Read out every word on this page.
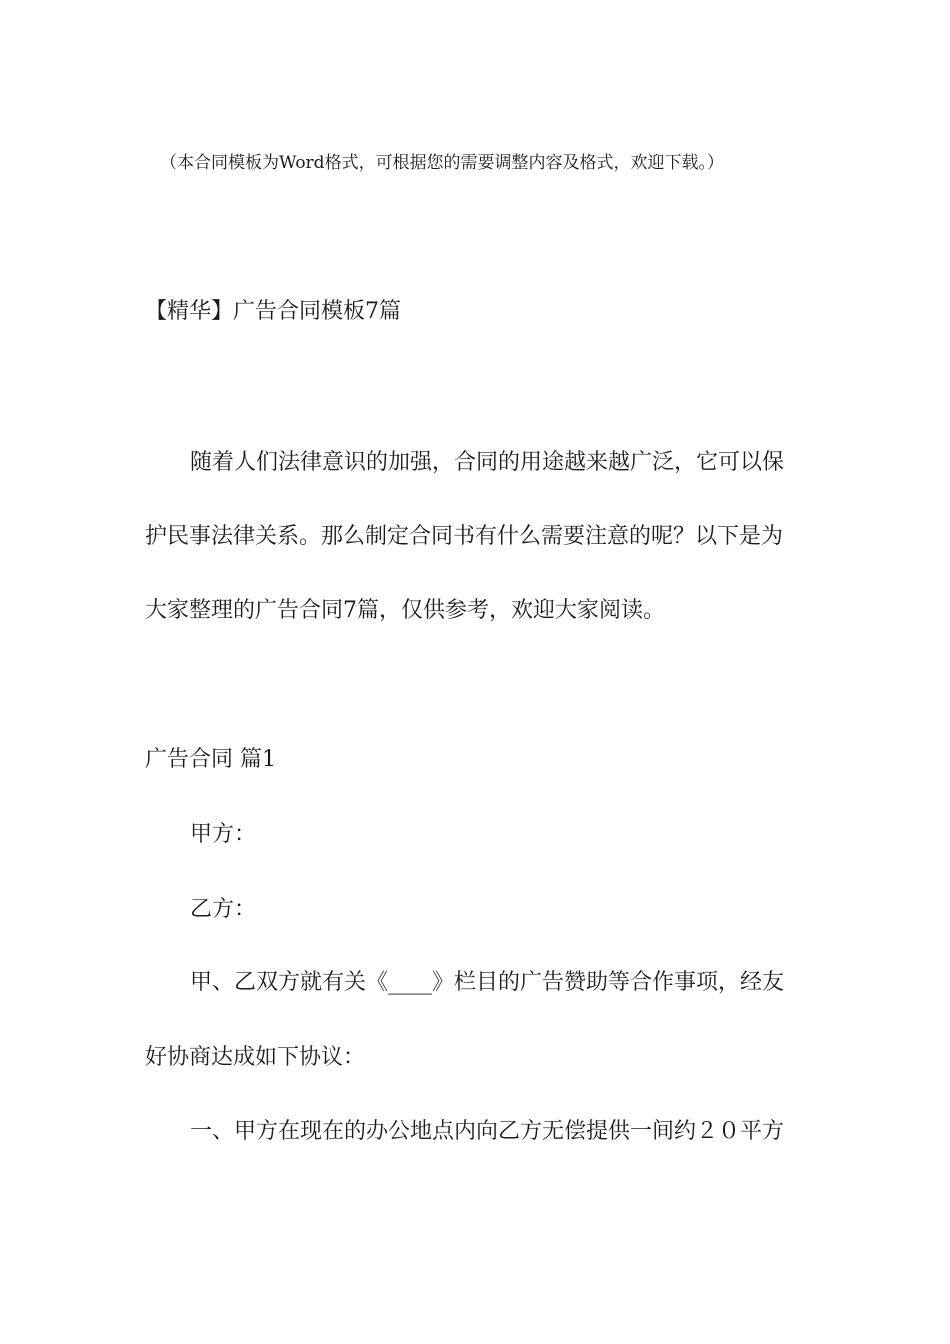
（本合同模板为Word格式，可根据您的需要调整内容及格式，欢迎下载。）
【精华】广告合同模板7篇
随着人们法律意识的加强，合同的用途越来越广泛，它可以保
护民事法律关系。那么制定合同书有什么需要注意的呢？以下是为
大家整理的广告合同7篇，仅供参考，欢迎大家阅读。
广告合同 篇1
甲方：
乙方：
甲、乙双方就有关《____》栏目的广告赞助等合作事项，经友
好协商达成如下协议：
一、甲方在现在的办公地点内向乙方无偿提供一间约２０平方
